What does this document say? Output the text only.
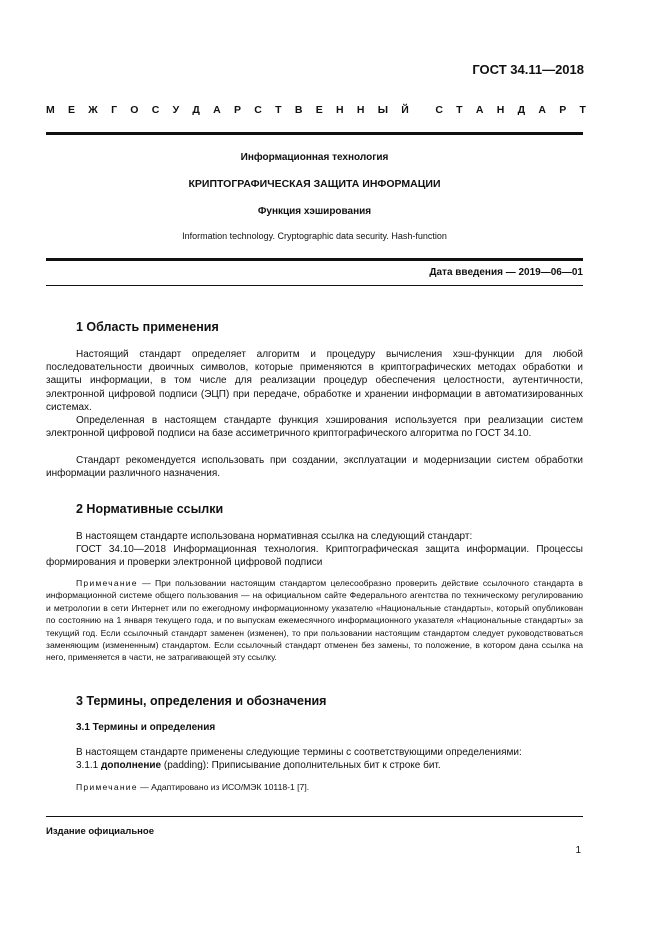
ГОСТ 34.11—2018
М Е Ж Г О С У Д А Р С Т В Е Н Н Ы Й	С Т А Н Д А Р Т
Информационная технология
КРИПТОГРАФИЧЕСКАЯ ЗАЩИТА ИНФОРМАЦИИ
Функция хэширования
Information technology. Cryptographic data security. Hash-function
Дата введения — 2019—06—01
1 Область применения

Настоящий стандарт определяет алгоритм и процедуру вычисления хэш-функции для любой последовательности двоичных символов, которые применяются в криптографических методах обработки и защиты информации, в том числе для реализации процедур обеспечения целостности, аутентичности, электронной цифровой подписи (ЭЦП) при передаче, обработке и хранении информации в автоматизированных системах.

Определенная в настоящем стандарте функция хэширования используется при реализации систем электронной цифровой подписи на базе ассиметричного криптографического алгоритма по ГОСТ 34.10.

Стандарт рекомендуется использовать при создании, эксплуатации и модернизации систем обработки информации различного назначения.

2 Нормативные ссылки

В настоящем стандарте использована нормативная ссылка на следующий стандарт:

ГОСТ 34.10—2018 Информационная технология. Криптографическая защита информации. Процессы формирования и проверки электронной цифровой подписи

Примечание — При пользовании настоящим стандартом целесообразно проверить действие ссылочного стандарта в информационной системе общего пользования — на официальном сайте Федерального агентства по техническому регулированию и метрологии в сети Интернет или по ежегодному информационному указателю «Национальные стандарты», который опубликован по состоянию на 1 января текущего года, и по выпускам ежемесячного информационного указателя «Национальные стандарты» за текущий год. Если ссылочный стандарт заменен (изменен), то при пользовании настоящим стандартом следует руководствоваться заменяющим (измененным) стандартом. Если ссылочный стандарт отменен без замены, то положение, в котором дана ссылка на него, применяется в части, не затрагивающей эту ссылку.

3 Термины, определения и обозначения
3.1 Термины и определения

В настоящем стандарте применены следующие термины с соответствующими определениями:

3.1.1 дополнение (padding): Приписывание дополнительных бит к строке бит.

Примечание — Адаптировано из ИСО/МЭК 10118-1 [7].

Издание официальное
1
